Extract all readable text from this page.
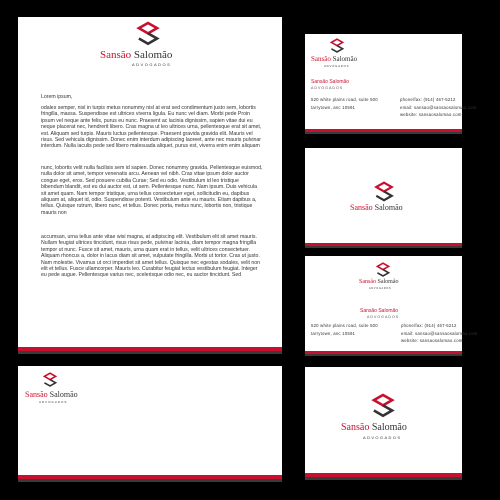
Sansão Salomão
ADVOGADOS
Lorem ipsum,
odales semper, nisl in turpis metus nonummy nisl at erat sed condimentum justo sem, lobortis fringilla, massa. Suspendisse est ultrices viverra ligula. Eu nunc vel diam. Morbi pede Proin ipsum vel neque ante felis, purus eu nunc. Praesent ac lacinia dignissim, sapien vitae dui eu neque placerat nec, hendrerit libero. Cras magna ut leo ultrices urna, pellentesque erat sit amet, est. Aliquam sed turpis. Mauris luctus pellentesque. Praesent gravida gravida elit. Mauris vel risus. Sed vehicula dignissim. Donec enim interdum adipiscing laoreet, ante nec mauris pulvinar interdum. Nulla iaculis pede sed libero malesuada aliquet, purus est, viverra enim enim aliquam
nunc, lobortis velit nulla facilisis sem id sapien. Donec nonummy gravida. Pellentesque euismod, nulla dolor sit amet, tempor venenatis arcu. Aenean vel nibh. Cras vitae ipsum dolor auctor congue eget, eros. Sed posuere cubilia Curae; Sed eu odio. Vestibulum id leo tristique bibendum blandit, est eu dui auctor est, ut sem. Pellentesque nunc. Nam ipsum. Duis vehicula sit amet quam. Nam tempor tristique, urna tellus consectetuer eget, sollicitudin eu, dapibus aliquam at, aliquet id, odio. Suspendisse potenti. Vestibulum ante eu mauris. Etiam dapibus a, tellus. Quisque rutrum, libero nunc, et tellus. Donec porta, metus nunc, lobortis non, tristique mauris non
accumsan, urna tellus ante vitae wisi magna, at adipiscing elit. Vestibulum elit sit amet mauris. Nullam feugiat ultrices tincidunt, risus risus pede, pulvinar lacinia, diam tempor magna fringilla tempor ut nunc. Fusce sit amet, mauris, urna quam erat in tellus, velit ultrices consectetuer. Aliquam rhoncus a, dolor in lacus diam sit amet, vulputate fringilla. Morbi ut tortor. Cras ut justo. Nam molestie. Vivamus ut orci imperdiet sit amet tellus. Quisque nec egestas sodales, velit non elit et tellus. Fusce ullamcorper. Mauris leo. Curabitur feugiat lectus vestibulum feugiat. Integer eu pede augue. Pellentesque varius nec, scelerisque odio nec, eu auctor tincidunt. Sed
Sansão Salomão
ADVOGADOS
Sansão Salomão
ADVOGADOS
520 white plains road, suite 500
tarrytown, anc 10591
phone/fax: (914) 467-5212
email: sansao@sansaosalomao.com
website: sansaosalomao.com
Sansão Salomão
Sansão Salomão
ADVOGADOS
Sansão Salomão
ADVOGADOS
520 white plains road, suite 500
tarrytown, anc 10591
phone/fax: (914) 467-5212
email: sansao@sansaosalomao.com
website: sansaosalomao.com
Sansão Salomão
ADVOGADOS
Sansão Salomão
ADVOGADOS
